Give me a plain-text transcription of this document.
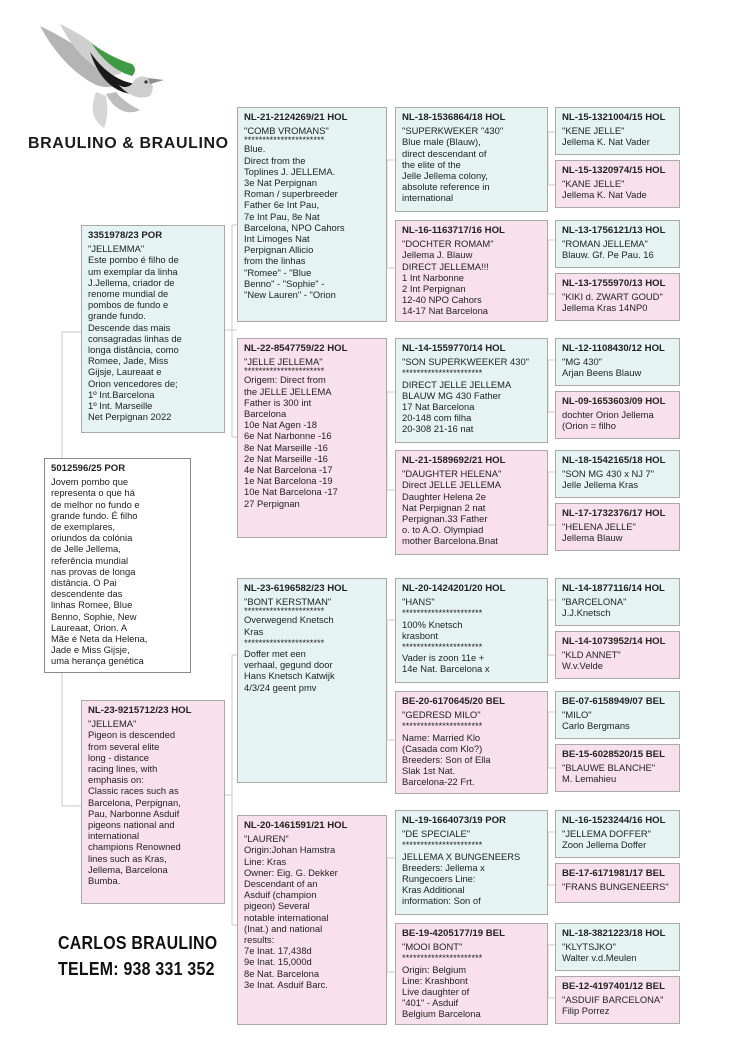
BRAULINO & BRAULINO
3351978/23 POR
"JELLEMMA"
Este pombo é filho de
um exemplar da linha
J.Jellema, criador de
renome mundial de
pombos de fundo e
grande fundo.
Descende das mais
consagradas linhas de
longa distância, como
Romee, Jade, Miss
Gijsje, Laureaat e
Orion vencedores de;
1º Int.Barcelona
1º Int. Marseille
Net Perpignan 2022
5012596/25 POR
Jovem pombo que
representa o que há
de melhor no fundo e
grande fundo. É filho
de exemplares,
oriundos da colónia
de Jelle Jellema,
referência mundial
nas provas de longa
distância. O Pai
descendente das
linhas Romee, Blue
Benno, Sophie, New
Laureaat, Orion. A
Mãe é Neta da Helena,
Jade e Miss Gijsje,
uma herança genética
NL-23-9215712/23 HOL
"JELLEMA"
Pigeon is descended
from several elite
long - distance
racing lines, with
emphasis on:
Classic races such as
Barcelona, Perpignan,
Pau, Narbonne Asduif
pigeons national and
international
champions Renowned
lines such as Kras,
Jellema, Barcelona
Bumba.
NL-21-2124269/21 HOL
"COMB VROMANS"
**********************
Blue.
Direct from the
Toplines J. JELLEMA.
3e Nat Perpignan
Roman / superbreeder
Father 6e Int Pau,
7e Int Pau, 8e Nat
Barcelona, NPO Cahors
Int Limoges Nat
Perpignan Allicio
from the linhas
"Romee" - "Blue
Benno" - "Sophie" -
"New Lauren" - "Orion
NL-22-8547759/22 HOL
"JELLE JELLEMA"
**********************
Origem: Direct from
the JELLE JELLEMA
Father is 300 int
Barcelona
10e Nat Agen -18
6e Nat Narbonne -16
8e Nat Marseille -16
2e Nat Marseille -16
4e Nat Barcelona -17
1e Nat Barcelona -19
10e Nat Barcelona -17
27 Perpignan
NL-23-6196582/23 HOL
"BONT KERSTMAN"
**********************
Overwegend Knetsch
Kras
**********************
Doffer met een
verhaal, gegund door
Hans Knetsch Katwijk
4/3/24 geent pmv
NL-20-1461591/21 HOL
"LAUREN"
Origin:Johan Hamstra
Line: Kras
Owner: Eig. G. Dekker
Descendant of an
Asduif (champion
pigeon) Several
notable international
(Inat.) and national
results:
7e Inat. 17,438d
9e Inat. 15,000d
8e Nat. Barcelona
3e Inat. Asduif Barc.
NL-18-1536864/18 HOL
"SUPERKWEKER "430"
Blue male (Blauw),
direct descendant of
the elite of the
Jelle Jellema colony,
absolute reference in
international
NL-16-1163717/16 HOL
"DOCHTER ROMAM"
Jellema J. Blauw
DIRECT JELLEMA!!!
1 Int Narbonne
2 Int Perpignan
12-40 NPO Cahors
14-17 Nat Barcelona
NL-14-1559770/14 HOL
"SON SUPERKWEEKER 430"
**********************
DIRECT JELLE JELLEMA
BLAUW MG 430 Father
17 Nat Barcelona
20-148 com filha
20-308 21-16 nat
NL-21-1589692/21 HOL
"DAUGHTER HELENA"
Direct JELLE JELLEMA
Daughter Helena 2e
Nat Perpignan 2 nat
Perpignan.33 Father
o. to A.O. Olympiad
mother Barcelona.Bnat
NL-20-1424201/20 HOL
"HANS"
**********************
100% Knetsch
krasbont
**********************
Vader is zoon 11e +
14e Nat. Barcelona x
BE-20-6170645/20 BEL
"GEDRESD MILO"
**********************
Name: Married Klo
(Casada com Klo?)
Breeders: Son of Ella
Slak 1st Nat.
Barcelona-22 Frt.
NL-19-1664073/19 POR
"DE SPECIALE"
**********************
JELLEMA X BUNGENEERS
Breeders: Jellema x
Rungecoers Line:
Kras Additional
information: Son of
BE-19-4205177/19 BEL
"MOOI BONT"
**********************
Origin: Belgium
Line: Krashbont
Live daughter of
"401" - Asduif
Belgium Barcelona
NL-15-1321004/15 HOL
"KENE JELLE"
Jellema K. Nat Vader
NL-15-1320974/15 HOL
"KANE JELLE"
Jellema K. Nat Vade
NL-13-1756121/13 HOL
"ROMAN JELLEMA"
Blauw. Gf. Pe Pau. 16
NL-13-1755970/13 HOL
"KIKI d. ZWART GOUD"
Jellema Kras 14NP0
NL-12-1108430/12 HOL
"MG 430"
Arjan Beens Blauw
NL-09-1653603/09 HOL
dochter Orion Jellema
(Orion = filho
NL-18-1542165/18 HOL
"SON MG 430 x NJ 7"
Jelle Jellema Kras
NL-17-1732376/17 HOL
"HELENA JELLE"
Jellema Blauw
NL-14-1877116/14 HOL
"BARCELONA"
J.J.Knetsch
NL-14-1073952/14 HOL
"KLD ANNET"
W.v.Velde
BE-07-6158949/07 BEL
"MILO"
Carlo Bergmans
BE-15-6028520/15 BEL
"BLAUWE BLANCHE"
M. Lemahieu
NL-16-1523244/16 HOL
"JELLEMA DOFFER"
Zoon Jellema Doffer
BE-17-6171981/17 BEL
"FRANS BUNGENEERS"
NL-18-3821223/18 HOL
"KLYTSJKO"
Walter v.d.Meulen
BE-12-4197401/12 BEL
"ASDUIF BARCELONA"
Filip Porrez
CARLOS BRAULINO
TELEM: 938 331 352
